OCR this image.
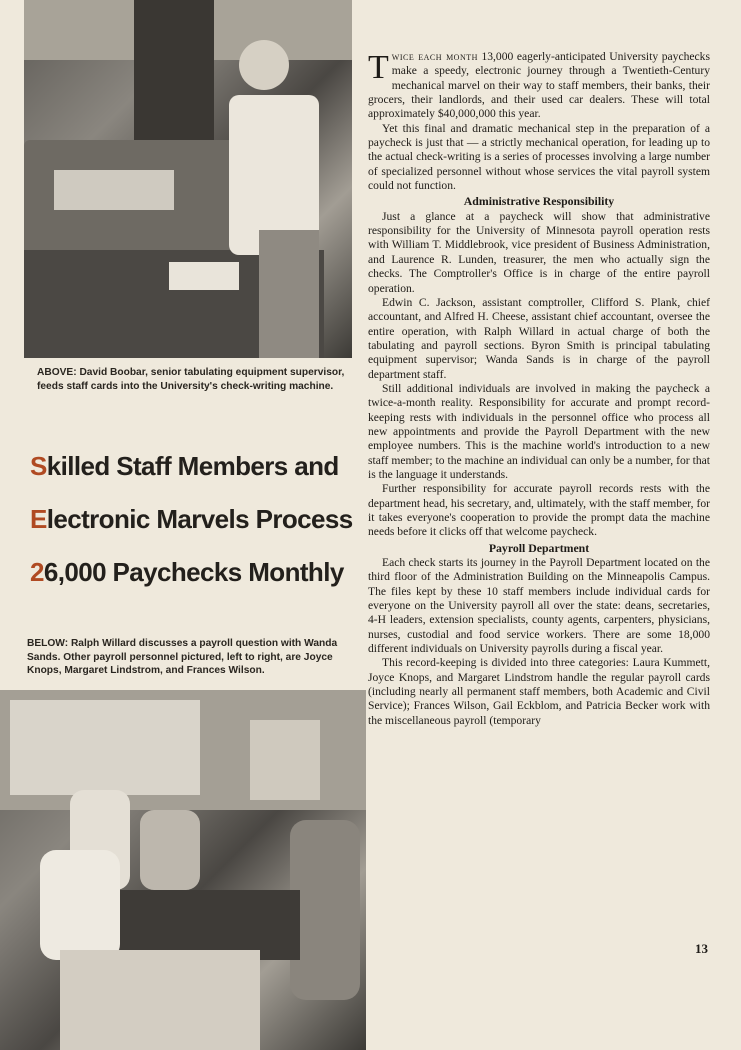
ABOVE: David Boobar, senior tabulating equipment supervisor, feeds staff cards into the University's check-writing machine.
Skilled Staff Members and
Electronic Marvels Process
26,000 Paychecks Monthly
BELOW: Ralph Willard discusses a payroll question with Wanda Sands. Other payroll personnel pictured, left to right, are Joyce Knops, Margaret Lindstrom, and Frances Wilson.

Twice each month 13,000 eagerly-anticipated University paychecks make a speedy, electronic journey through a Twentieth-Century mechanical marvel on their way to staff members, their banks, their grocers, their landlords, and their used car dealers. These will total approximately $40,000,000 this year.

Yet this final and dramatic mechanical step in the preparation of a paycheck is just that — a strictly mechanical operation, for leading up to the actual check-writing is a series of processes involving a large number of specialized personnel without whose services the vital payroll system could not function.

Administrative Responsibility

Just a glance at a paycheck will show that administrative responsibility for the University of Minnesota payroll operation rests with William T. Middlebrook, vice president of Business Administration, and Laurence R. Lunden, treasurer, the men who actually sign the checks. The Comptroller's Office is in charge of the entire payroll operation.

Edwin C. Jackson, assistant comptroller, Clifford S. Plank, chief accountant, and Alfred H. Cheese, assistant chief accountant, oversee the entire operation, with Ralph Willard in actual charge of both the tabulating and payroll sections. Byron Smith is principal tabulating equipment supervisor; Wanda Sands is in charge of the payroll department staff.

Still additional individuals are involved in making the paycheck a twice-a-month reality. Responsibility for accurate and prompt record-keeping rests with individuals in the personnel office who process all new appointments and provide the Payroll Department with the new employee numbers. This is the machine world's introduction to a new staff member; to the machine an individual can only be a number, for that is the language it understands.

Further responsibility for accurate payroll records rests with the department head, his secretary, and, ultimately, with the staff member, for it takes everyone's cooperation to provide the prompt data the machine needs before it clicks off that welcome paycheck.

Payroll Department

Each check starts its journey in the Payroll Department located on the third floor of the Administration Building on the Minneapolis Campus. The files kept by these 10 staff members include individual cards for everyone on the University payroll all over the state: deans, secretaries, 4-H leaders, extension specialists, county agents, carpenters, physicians, nurses, custodial and food service workers. There are some 18,000 different individuals on University payrolls during a fiscal year.

This record-keeping is divided into three categories: Laura Kummett, Joyce Knops, and Margaret Lindstrom handle the regular payroll cards (including nearly all permanent staff members, both Academic and Civil Service); Frances Wilson, Gail Eckblom, and Patricia Becker work with the miscellaneous payroll (temporary

13
